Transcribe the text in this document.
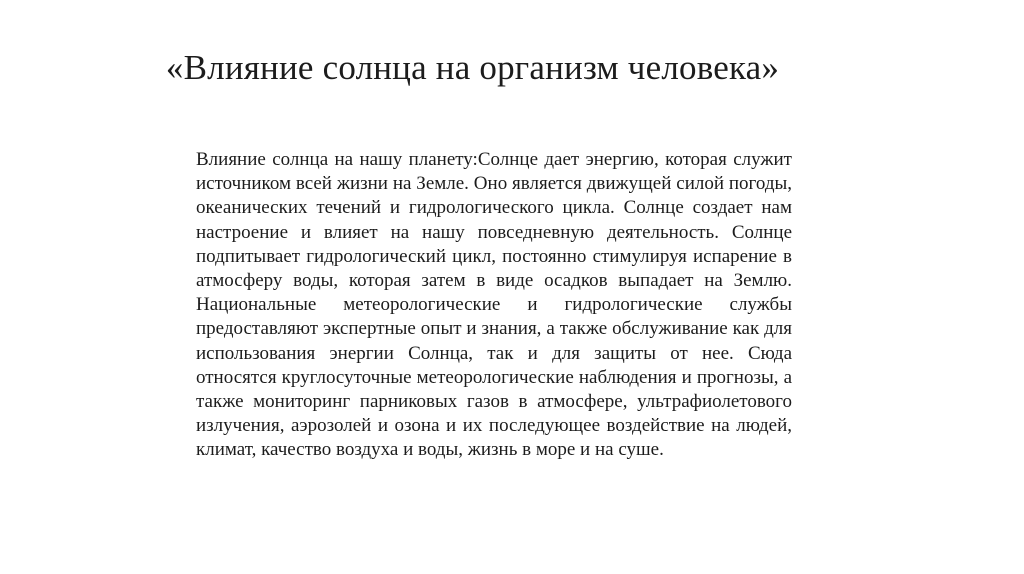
«Влияние солнца на организм человека»

Влияние солнца на нашу планету:Солнце дает энергию, которая служит источником всей жизни на Земле. Оно является движущей силой погоды, океанических течений и гидрологического цикла. Солнце создает нам настроение и влияет на нашу повседневную деятельность. Солнце подпитывает гидрологический цикл, постоянно стимулируя испарение в атмосферу воды, которая затем в виде осадков выпадает на Землю. Национальные метеорологические и гидрологические службы предоставляют экспертные опыт и знания, а также обслуживание как для использования энергии Солнца, так и для защиты от нее. Сюда относятся круглосуточные метеорологические наблюдения и прогнозы, а также мониторинг парниковых газов в атмосфере, ультрафиолетового излучения, аэрозолей и озона и их последующее воздействие на людей, климат, качество воздуха и воды, жизнь в море и на суше.
